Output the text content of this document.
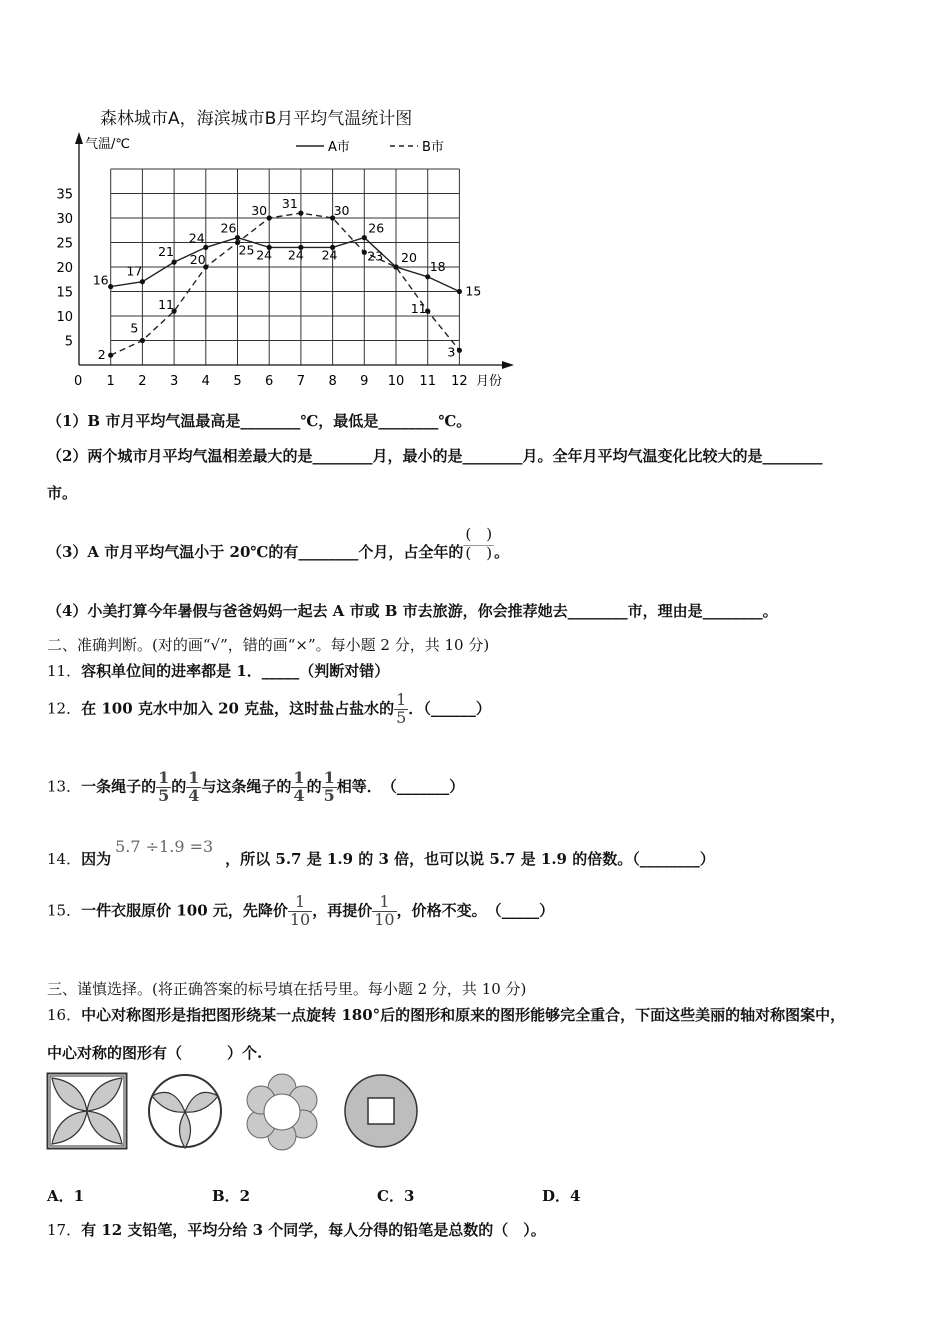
森林城市A，海滨城市B月平均气温统计图
气温/℃
月份
0 1 2 3 4 5 6 7 8 9 10 11 12
5
10
15
20
25
30
35
16
17
21
24
26
24 24 24
26
20
18
15
2
5
11
20
25
30 31	30
23
11
3
A市	B市
（1）B 市月平均气温最高是________℃，最低是________℃。
（2）两个城市月平均气温相差最大的是________月，最小的是________月。全年月平均气温变化比较大的是________
市。
（3）A 市月平均气温小于 20℃的有________个月，占全年的 $\frac{( )}{( )}$ 。
（4）小美打算今年暑假与爸爸妈妈一起去 A 市或 B 市去旅游，你会推荐她去________市，理由是________。
二、准确判断。(对的画“√”，错的画“×”。每小题 2 分，共 10 分)
11．容积单位间的进率都是 1．_____（判断对错）
12．在 100 克水中加入 20 克盐，这时盐占盐水的 $\frac{1}{5}$ ．（______）
13．一条绳子的 $\frac{1}{5}$ 的 $\frac{1}{4}$ 与这条绳子的 $\frac{1}{4}$ 的 $\frac{1}{5}$ 相等．　（_______）
14．因为5.7 ÷1.9 =3，所以 5.7 是 1.9 的 3 倍，也可以说 5.7 是 1.9 的倍数。（________）
15．一件衣服原价 100 元，先降价 $\frac{1}{10}$ ，再提价 $\frac{1}{10}$ ，价格不变。　（_____）
三、谨慎选择。(将正确答案的标号填在括号里。每小题 2 分，共 10 分)
16．中心对称图形是指把图形绕某一点旋转 180°后的图形和原来的图形能够完全重合，下面这些美丽的轴对称图案中，
中心对称的图形有（　　　）个.
A．1	B．2	C．3	D．4
17．有 12 支铅笔，平均分给 3 个同学，每人分得的铅笔是总数的（　）。
